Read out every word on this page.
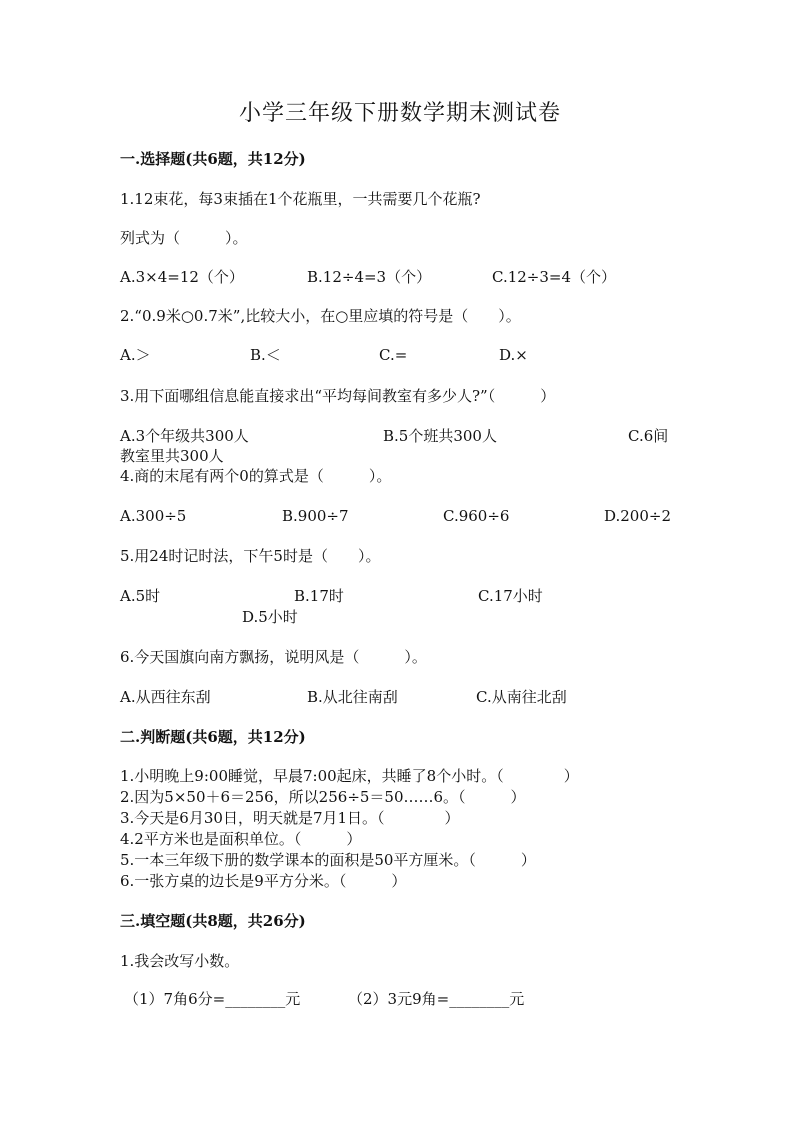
小学三年级下册数学期末测试卷
一.选择题(共6题，共12分)
1.12束花，每3束插在1个花瓶里，一共需要几个花瓶?
列式为（　　　）。
A.3×4=12（个）	B.12÷4=3（个）	C.12÷3=4（个）
2.“0.9米○0.7米”,比较大小，在○里应填的符号是（　　）。
A.＞	B.＜	C.=	D.×
3.用下面哪组信息能直接求出“平均每间教室有多少人?”（　　　）
A.3个年级共300人	B.5个班共300人	C.6间
教室里共300人
4.商的末尾有两个0的算式是（　　　）。
A.300÷5	B.900÷7	C.960÷6	D.200÷2
5.用24时记时法，下午5时是（　　）。
A.5时	B.17时	C.17小时
D.5小时
6.今天国旗向南方飘扬，说明风是（　　　）。
A.从西往东刮	B.从北往南刮	C.从南往北刮
二.判断题(共6题，共12分)
1.小明晚上9:00睡觉，早晨7:00起床，共睡了8个小时。（　　　　）
2.因为5×50＋6＝256，所以256÷5＝50……6。（　　　）
3.今天是6月30日，明天就是7月1日。（　　　　）
4.2平方米也是面积单位。（　　　）
5.一本三年级下册的数学课本的面积是50平方厘米。（　　　）
6.一张方桌的边长是9平方分米。（　　　）
三.填空题(共8题，共26分)
1.我会改写小数。
（1）7角6分=________元	（2）3元9角=________元
